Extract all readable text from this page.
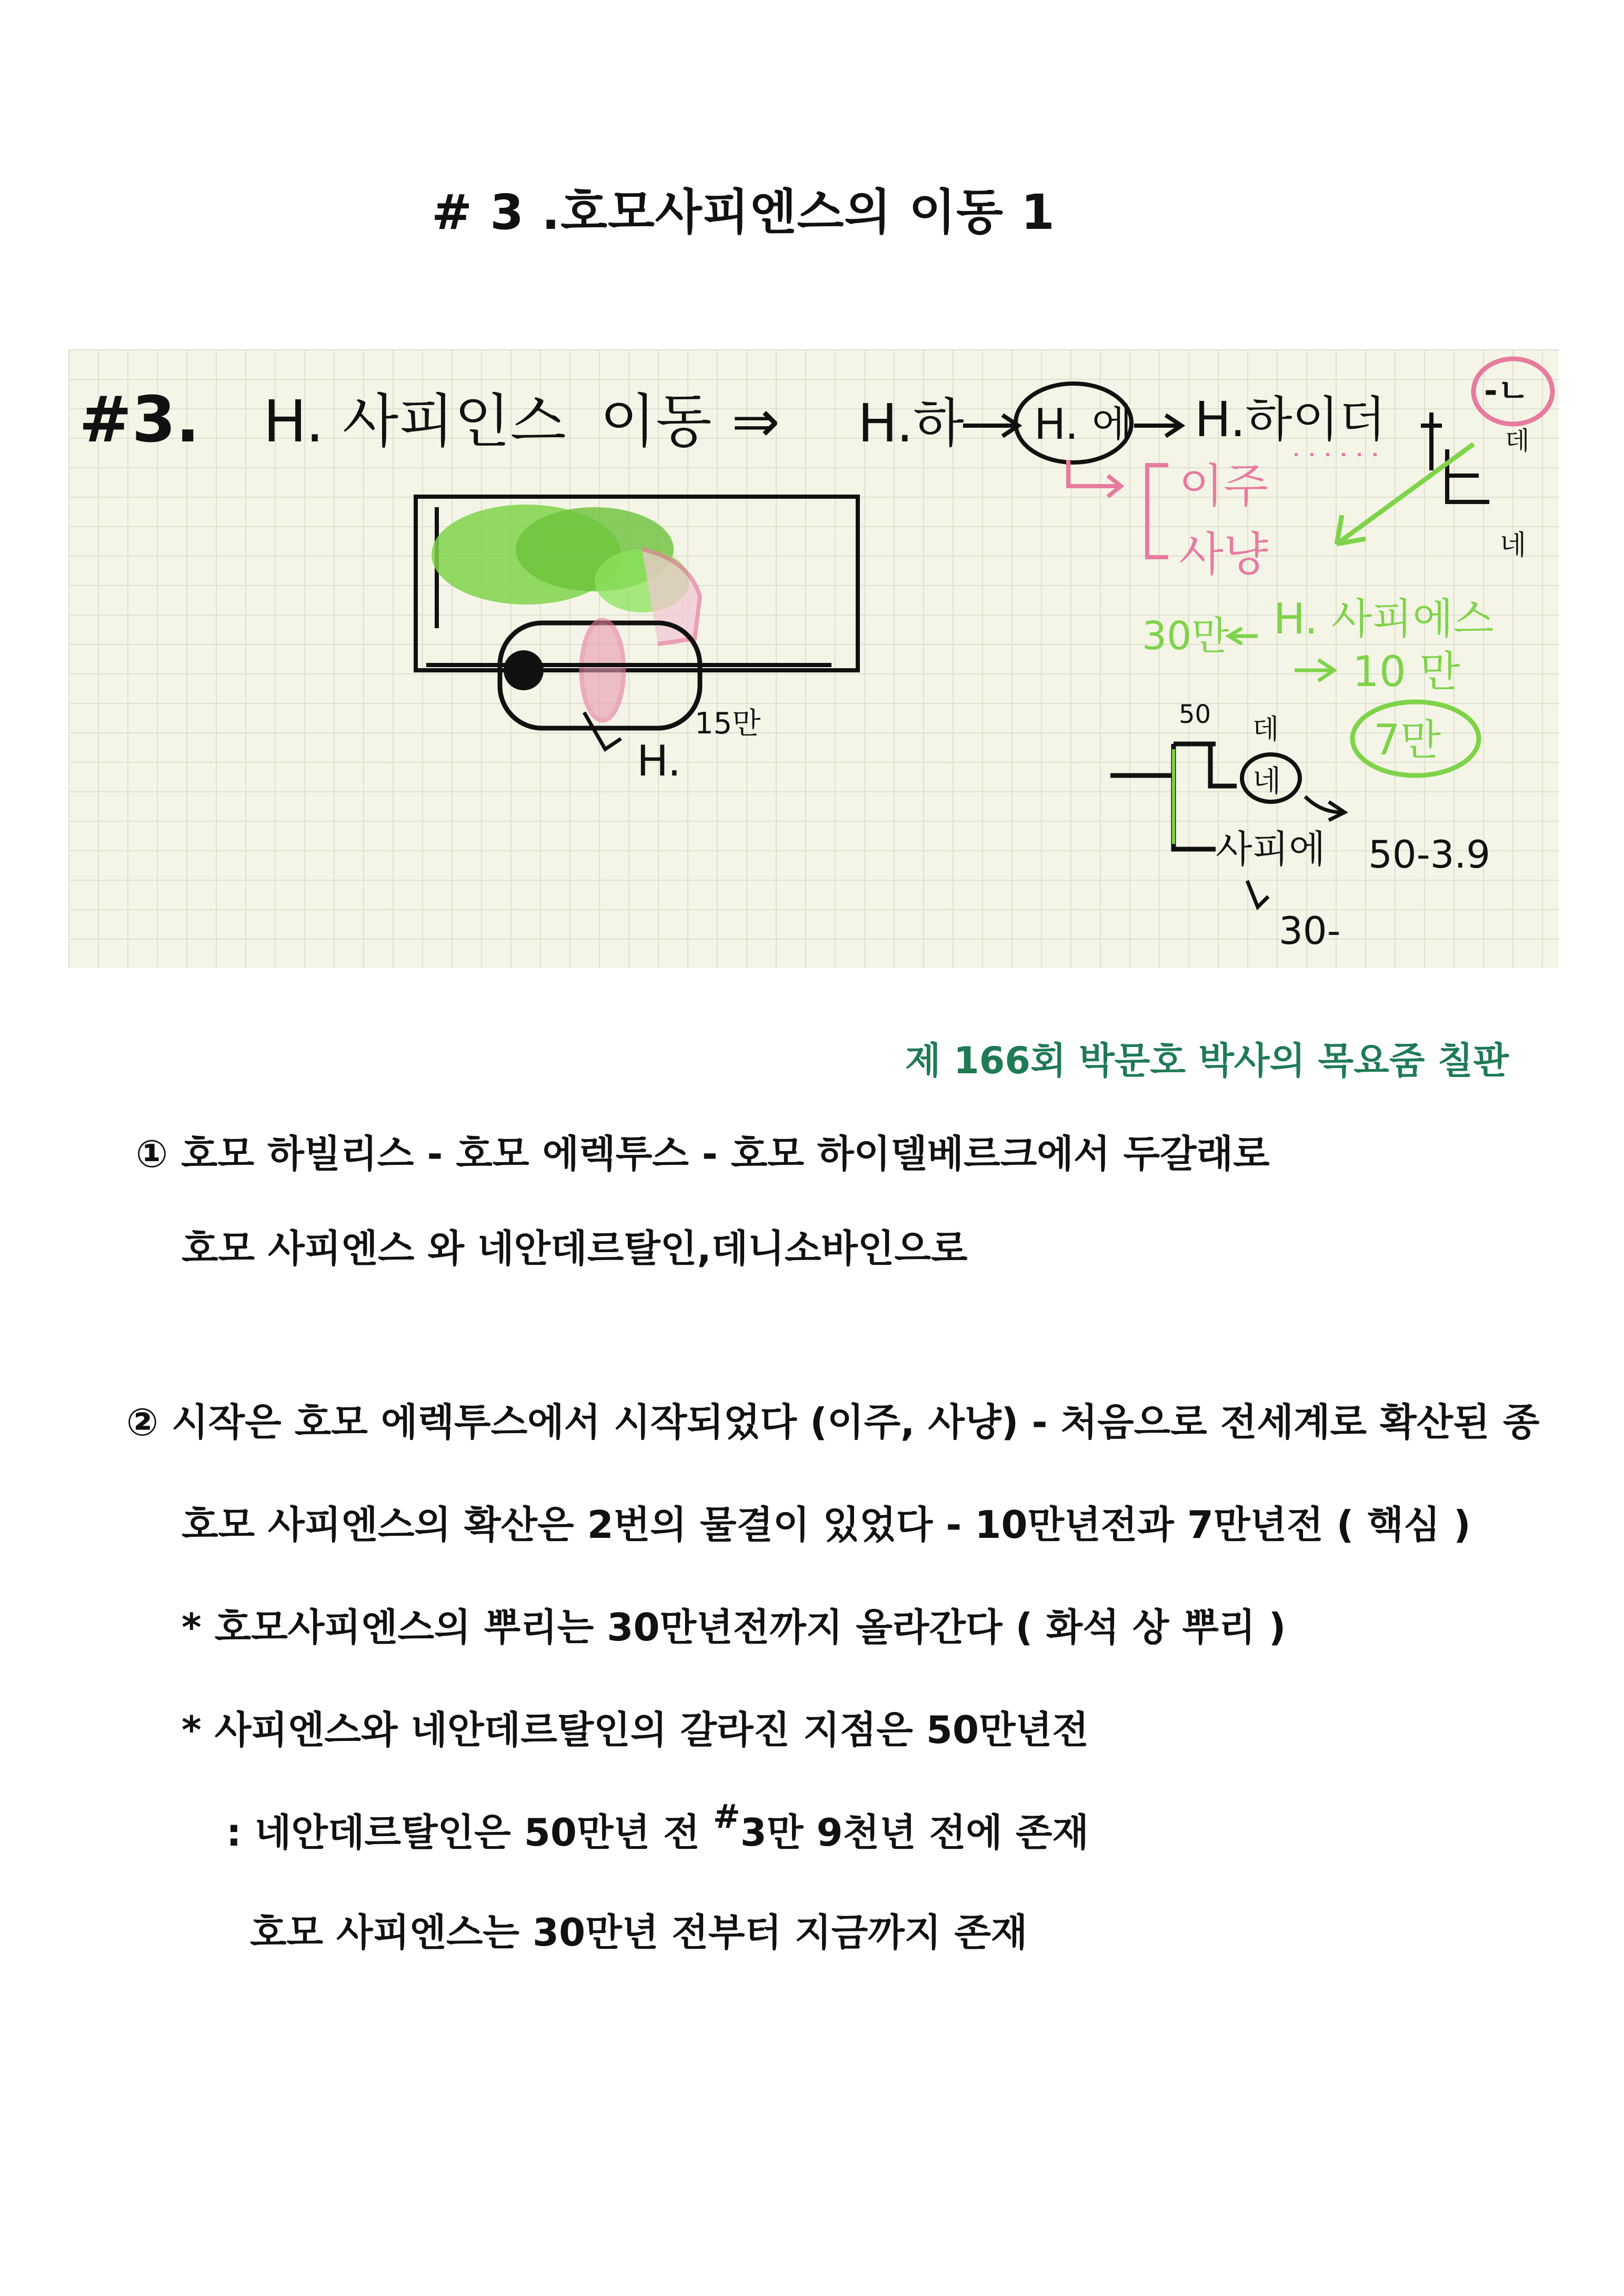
# 3 .호모사피엔스의 이동 1
#3. H. 사피인스 이동 ⇒ H.하 H. 에 H.하이더
-ㄴ
데
네
이주
사냥
30만 H. 사피에스
10 만
7만
H.
15만	50 데
네
사피에 50-3.9
30-
제 166회 박문호 박사의 목요줌 칠판
① 호모 하빌리스 - 호모 에렉투스 - 호모 하이델베르크에서 두갈래로
호모 사피엔스 와 네안데르탈인,데니소바인으로
② 시작은 호모 에렉투스에서 시작되었다 (이주, 사냥) - 처음으로 전세계로 확산된 종
호모 사피엔스의 확산은 2번의 물결이 있었다 - 10만년전과 7만년전 ( 핵심 )
* 호모사피엔스의 뿌리는 30만년전까지 올라간다 ( 화석 상 뿌리 )
* 사피엔스와 네안데르탈인의 갈라진 지점은 50만년전
: 네안데르탈인은 50만년 전 #3만 9천년 전에 존재
호모 사피엔스는 30만년 전부터 지금까지 존재
